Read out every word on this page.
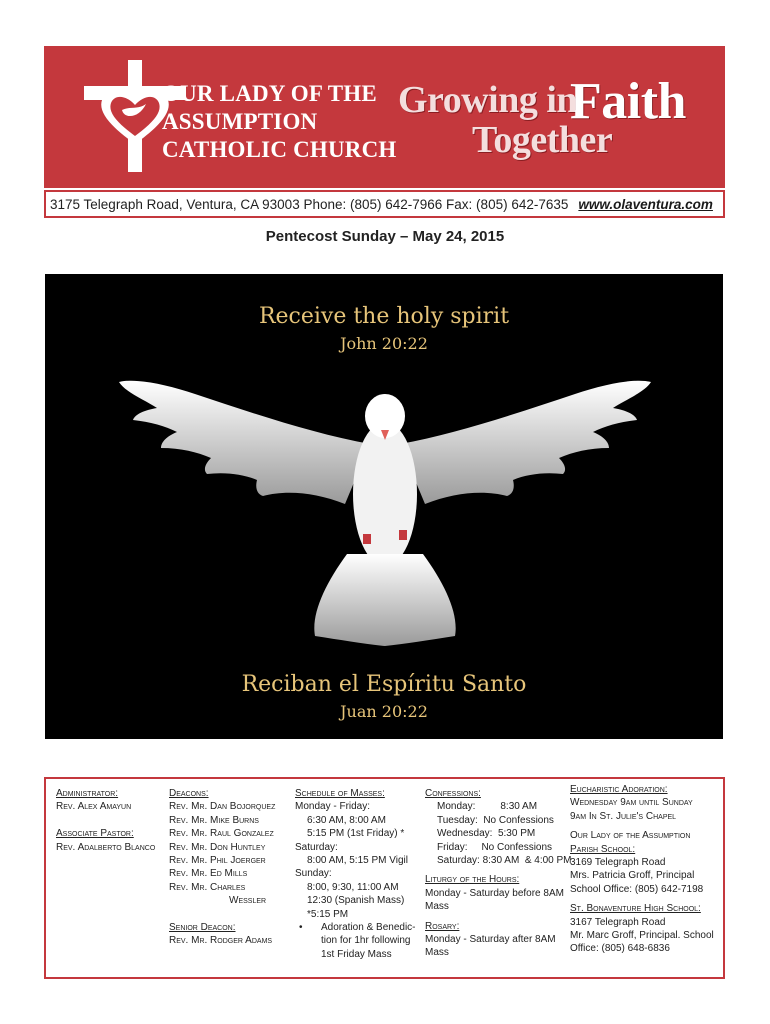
OUR LADY OF THE
ASSUMPTION
CATHOLIC CHURCH
Growing in
Faith
Together
3175 Telegraph Road, Ventura, CA 93003 Phone: (805) 642-7966 Fax: (805) 642-7635 www.olaventura.com
Pentecost Sunday – May 24, 2015
Receive the holy spirit
John 20:22
Reciban el Espíritu Santo
Juan 20:22
Administrator:
Rev. Alex Amayun
Associate Pastor:
Rev. Adalberto Blanco
Deacons:
Rev. Mr. Dan Bojorquez
Rev. Mr. Mike Burns
Rev. Mr. Raul Gonzalez
Rev. Mr. Don Huntley
Rev. Mr. Phil Joerger
Rev. Mr. Ed Mills
Rev. Mr. Charles
Wessler
Senior Deacon:
Rev. Mr. Rodger Adams
Schedule of Masses:
Monday - Friday:
6:30 AM, 8:00 AM
5:15 PM (1st Friday) *
Saturday:
8:00 AM, 5:15 PM Vigil
Sunday:
8:00, 9:30, 11:00 AM
12:30 (Spanish Mass)
*5:15 PM
•	Adoration & Benedic-
tion for 1hr following
1st Friday Mass
Confessions:
Monday:         8:30 AM
Tuesday:  No Confessions
Wednesday:  5:30 PM
Friday:     No Confessions
Saturday: 8:30 AM  & 4:00 PM
Liturgy of the Hours:
Monday - Saturday before 8AM
Mass
Rosary:
Monday - Saturday after 8AM
Mass
Eucharistic Adoration:
Wednesday 9am until Sunday
9am In St. Julie's Chapel
Our Lady of the Assumption
Parish School:
3169 Telegraph Road
Mrs. Patricia Groff, Principal
School Office: (805) 642-7198
St. Bonaventure High School:
3167 Telegraph Road
Mr. Marc Groff, Principal. School
Office: (805) 648-6836
